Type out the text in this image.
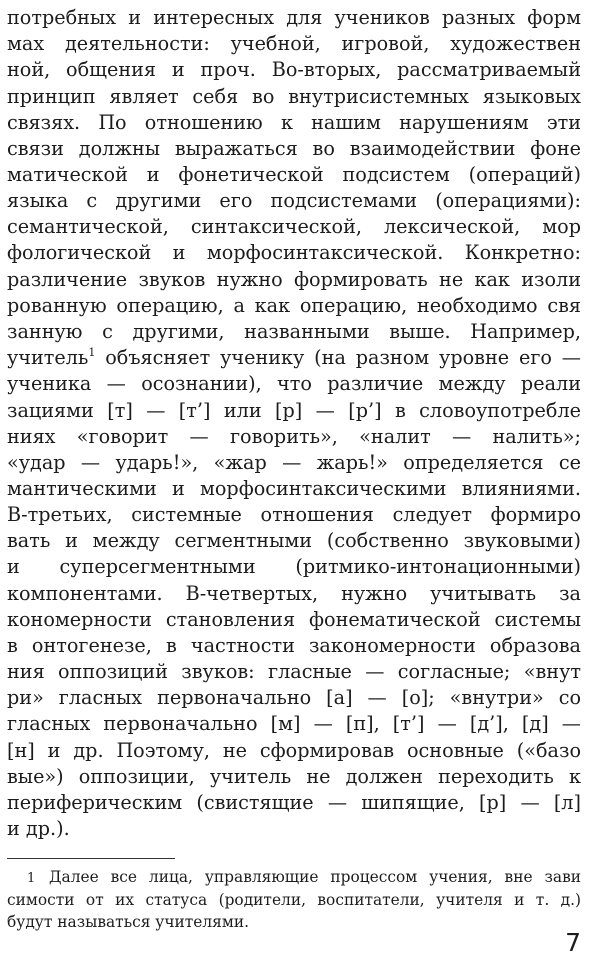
потребных и интересных для учеников разных форм
мах деятельности: учебной, игровой, художествен
ной, общения и проч. Во-вторых, рассматриваемый
принцип являет себя во внутрисистемных языковых
связях. По отношению к нашим нарушениям эти
связи должны выражаться во взаимодействии фоне
матической и фонетической подсистем (операций)
языка с другими его подсистемами (операциями):
семантической, синтаксической, лексической, мор
фологической и морфосинтаксической. Конкретно:
различение звуков нужно формировать не как изоли
рованную операцию, а как операцию, необходимо свя
занную с другими, названными выше. Например,
учитель$^1$ объясняет ученику (на разном уровне его —
ученика — осознании), что различие между реали
зациями [т] — [т’] или [р] — [р’] в словоупотребле
ниях «говорит — говорить», «налит — налить»;
«удар — ударь!», «жар — жарь!» определяется се
мантическими и морфосинтаксическими влияниями.
В-третьих, системные отношения следует формиро
вать и между сегментными (собственно звуковыми)
и суперсегментными (ритмико-интонационными)
компонентами. В-четвертых, нужно учитывать за
кономерности становления фонематической системы
в онтогенезе, в частности закономерности образова
ния оппозиций звуков: гласные — согласные; «внут
ри» гласных первоначально [а] — [о]; «внутри» со
гласных первоначально [м] — [п], [т’] — [д’], [д] —
[н] и др. Поэтому, не сформировав основные («базо
вые») оппозиции, учитель не должен переходить к
периферическим (свистящие — шипящие, [р] — [л]
и др.).
1 Далее все лица, управляющие процессом учения, вне зави
симости от их статуса (родители, воспитатели, учителя и т. д.)
будут называться учителями.
7
